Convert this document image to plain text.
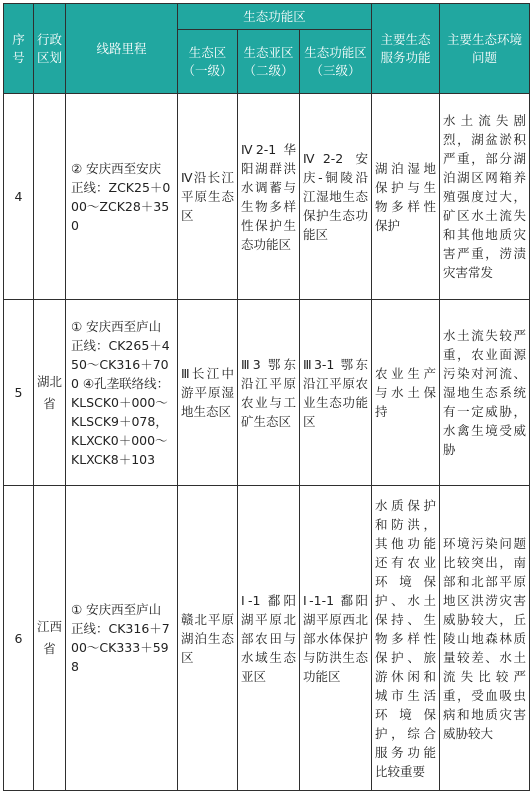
序号	行政区划	线路里程	生态功能区			主要生态服务功能	主要生态环境问题
			生态区（一级）	生态亚区（二级）	生态功能区（三级）		
4		② 安庆西至安庆正线：ZCK25＋000～ZCK28＋350	Ⅳ沿长江平原生态区	Ⅳ2-1 华阳湖群洪水调蓄与生物多样性保护生态功能区	Ⅳ2-2 安庆-铜陵沿江湿地生态保护生态功能区	湖泊湿地保护与生物多样性保护	水土流失剧烈，湖盆淤积严重，部分湖泊湖区网箱养殖强度过大，矿区水土流失和其他地质灾害严重，涝渍灾害常发
5	湖北省	① 安庆西至庐山正线：CK265＋450～CK316＋700 ④孔垄联络线：KLSCK0＋000～KLSCK9＋078，KLXCK0＋000～KLXCK8＋103	Ⅲ长江中游平原湿地生态区	Ⅲ3 鄂东沿江平原农业与工矿生态区	Ⅲ3-1 鄂东沿江平原农业生态功能区	农业生产与水土保持	水土流失较严重，农业面源污染对河流、湿地生态系统有一定威胁，水禽生境受威胁
6	江西省	① 安庆西至庐山正线：CK316＋700～CK333＋598	赣北平原湖泊生态区	Ⅰ-1 鄱阳湖平原北部农田与水域生态亚区	Ⅰ-1-1 鄱阳湖平原西北部水体保护与防洪生态功能区	水质保护和防洪，其他功能还有农业环境保护、水土保持、生物多样性保护、旅游休闲和城市生活环境保护，综合服务功能比较重要	环境污染问题比较突出，南部和北部平原地区洪涝灾害威胁较大，丘陵山地森林质量较差、水土流失比较严重，受血吸虫病和地质灾害威胁较大
